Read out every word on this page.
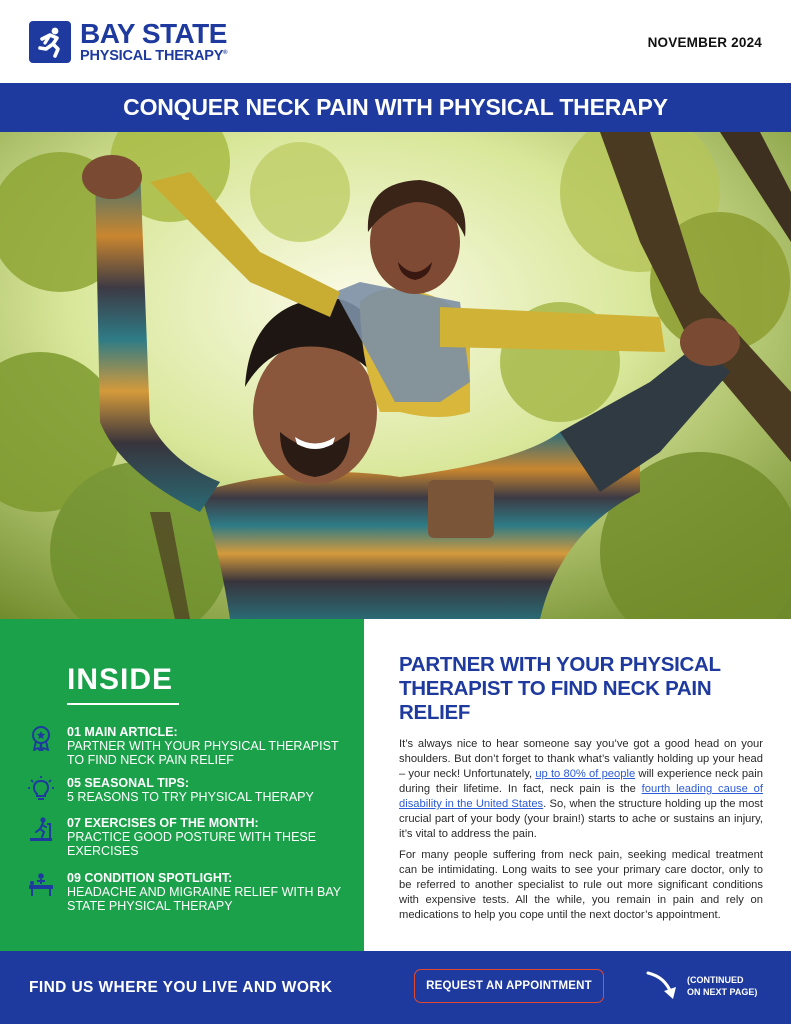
BAY STATE
PHYSICAL THERAPY®
NOVEMBER 2024
CONQUER NECK PAIN WITH PHYSICAL THERAPY
INSIDE
01 MAIN ARTICLE:
PARTNER WITH YOUR PHYSICAL THERAPIST TO FIND NECK PAIN RELIEF
05 SEASONAL TIPS:
5 REASONS TO TRY PHYSICAL THERAPY
07 EXERCISES OF THE MONTH:
PRACTICE GOOD POSTURE WITH THESE EXERCISES
09 CONDITION SPOTLIGHT:
HEADACHE AND MIGRAINE RELIEF WITH BAY STATE PHYSICAL THERAPY
PARTNER WITH YOUR PHYSICAL THERAPIST TO FIND NECK PAIN RELIEF

It’s always nice to hear someone say you’ve got a good head on your shoulders. But don’t forget to thank what’s valiantly holding up your head – your neck! Unfortunately, up to 80% of people will experience neck pain during their lifetime. In fact, neck pain is the fourth leading cause of disability in the United States. So, when the structure holding up the most crucial part of your body (your brain!) starts to ache or sustains an injury, it’s vital to address the pain.

For many people suffering from neck pain, seeking medical treatment can be intimidating. Long waits to see your primary care doctor, only to be referred to another specialist to rule out more significant conditions with expensive tests. All the while, you remain in pain and rely on medications to help you cope until the next doctor’s appointment.

FIND US WHERE YOU LIVE AND WORK	REQUEST AN APPOINTMENT	(CONTINUED
ON NEXT PAGE)
